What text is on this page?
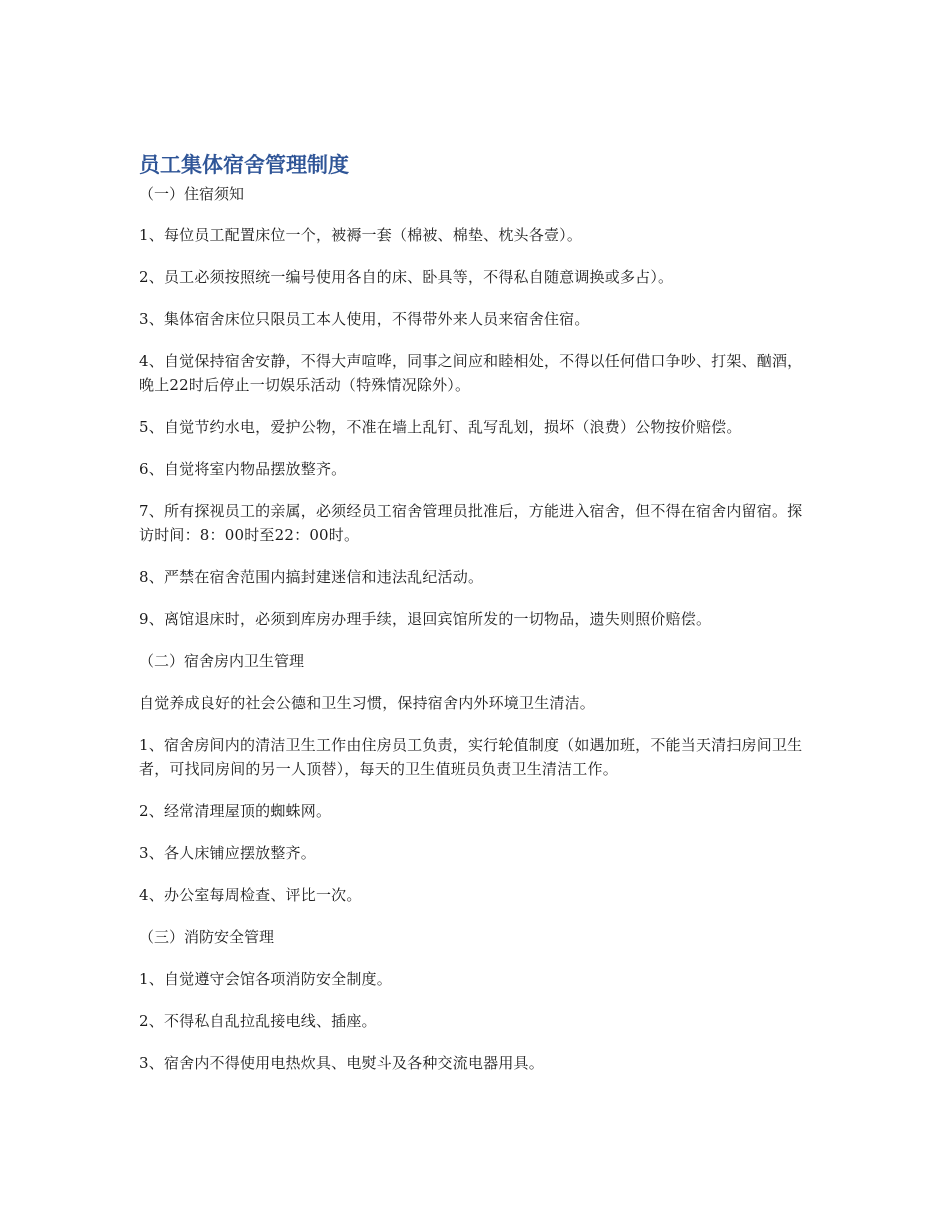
员工集体宿舍管理制度

（一）住宿须知

1、每位员工配置床位一个，被褥一套（棉被、棉垫、枕头各壹）。

2、员工必须按照统一编号使用各自的床、卧具等，不得私自随意调换或多占）。

3、集体宿舍床位只限员工本人使用，不得带外来人员来宿舍住宿。

4、自觉保持宿舍安静，不得大声喧哗，同事之间应和睦相处，不得以任何借口争吵、打架、酗酒，晚上22时后停止一切娱乐活动（特殊情况除外）。

5、自觉节约水电，爱护公物，不准在墙上乱钉、乱写乱划，损坏（浪费）公物按价赔偿。

6、自觉将室内物品摆放整齐。

7、所有探视员工的亲属，必须经员工宿舍管理员批准后，方能进入宿舍，但不得在宿舍内留宿。探访时间：8：00时至22：00时。

8、严禁在宿舍范围内搞封建迷信和违法乱纪活动。

9、离馆退床时，必须到库房办理手续，退回宾馆所发的一切物品，遗失则照价赔偿。

（二）宿舍房内卫生管理

自觉养成良好的社会公德和卫生习惯，保持宿舍内外环境卫生清洁。

1、宿舍房间内的清洁卫生工作由住房员工负责，实行轮值制度（如遇加班，不能当天清扫房间卫生者，可找同房间的另一人顶替），每天的卫生值班员负责卫生清洁工作。

2、经常清理屋顶的蜘蛛网。

3、各人床铺应摆放整齐。

4、办公室每周检查、评比一次。

（三）消防安全管理

1、自觉遵守会馆各项消防安全制度。

2、不得私自乱拉乱接电线、插座。

3、宿舍内不得使用电热炊具、电熨斗及各种交流电器用具。
